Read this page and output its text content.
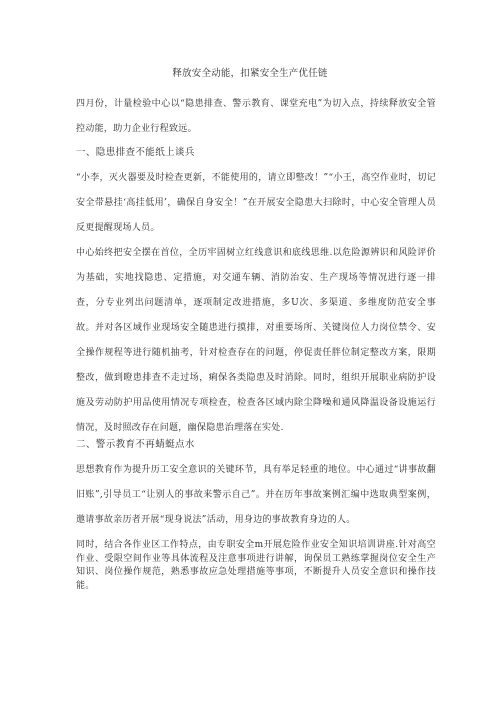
释放安全动能，扣紧安全生产优任链

四月份，计量检验中心以“隐患排查、警示教育、课堂充电”为切入点，持续释放安全管控动能，助力企业行程致远。

一、隐患排查不能纸上谈兵

“小李，灭火器要及时检查更新，不能使用的，请立即整改！”“小王，高空作业时，切记安全带悬挂‘高挂低用’，确保自身安全！”在开展安全隐患大扫除时，中心安全管理人员反更提醒现场人员。

中心始终把安全摆在首位，全历牢固树立红线意识和底线思维.以危险源辨识和风险评价为基础，实地找隐患、定措施，对交通车辆、消防治安、生产现场等情况进行逐一排查，分专业列出问题清单，逐项制定改进措施，多U次、多渠道、多维度防范安全事故。并对各区域作业现场安全随患进行摸排，对重要场所、关键岗位人力岗位禁令、安全操作规程等进行随机抽考，针对检查存在的问题，停促责任胖位制定整改方案，限期整改，做到瞪患排查不走过场，痢保各类隐患及时消除。同时，组织开展职业病防护设施及劳动防护用品使用情况专项检查，检查各区域内除尘降噪和通风降温设备设施运行情况，及时照改存在问题，幽保隐患治理落在实处.

二、警示教育不再蜻蜓点水

思想教育作为提升历工安全意识的关键环节，具有举足轻重的地位。中心通过“讲事故翻旧账”,引导员工“让别人的事故来警示自己”。并在历年事故案例汇编中选取典型案例，邀请事故亲历者开展“现身说法”活动，用身边的事故教育身边的人。

同时，结合各作业区工作特点，由专职安全m开展危险作业安全知识培训讲座.针对高空作业、受限空间作业等具体流程及注意事项进行讲解，询保员工熟练掌握岗位安全生产知识、岗位操作规范，熟悉事故应急处理措施等事项，不断提升人员安全意识和操作技能。
